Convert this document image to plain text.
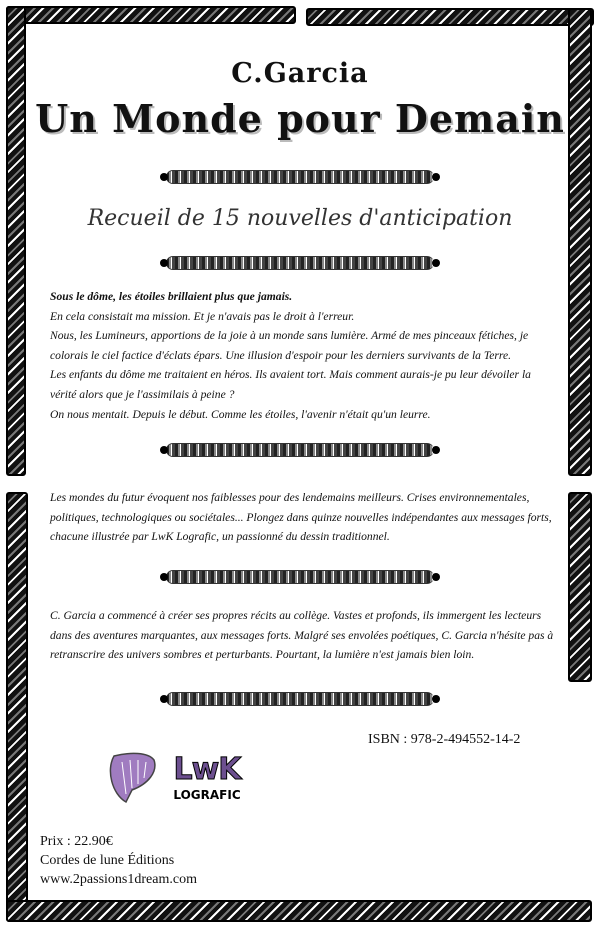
C.Garcia
Un Monde pour Demain
Recueil de 15 nouvelles d'anticipation

Sous le dôme, les étoiles brillaient plus que jamais.

En cela consistait ma mission. Et je n'avais pas le droit à l'erreur.

Nous, les Lumineurs, apportions de la joie à un monde sans lumière. Armé de mes pinceaux fétiches, je colorais le ciel factice d'éclats épars. Une illusion d'espoir pour les derniers survivants de la Terre.

Les enfants du dôme me traitaient en héros. Ils avaient tort. Mais comment aurais-je pu leur dévoiler la vérité alors que je l'assimilais à peine ?

On nous mentait. Depuis le début. Comme les étoiles, l'avenir n'était qu'un leurre.

Les mondes du futur évoquent nos faiblesses pour des lendemains meilleurs. Crises environnementales, politiques, technologiques ou sociétales... Plongez dans quinze nouvelles indépendantes aux messages forts, chacune illustrée par LwK Lografic, un passionné du dessin traditionnel.

C. Garcia a commencé à créer ses propres récits au collège. Vastes et profonds, ils immergent les lecteurs dans des aventures marquantes, aux messages forts. Malgré ses envolées poétiques, C. Garcia n'hésite pas à retranscrire des univers sombres et perturbants. Pourtant, la lumière n'est jamais bien loin.

ISBN : 978-2-494552-14-2
LwK
LOGRAFIC
Prix : 22.90€
Cordes de lune Éditions
www.2passions1dream.com
